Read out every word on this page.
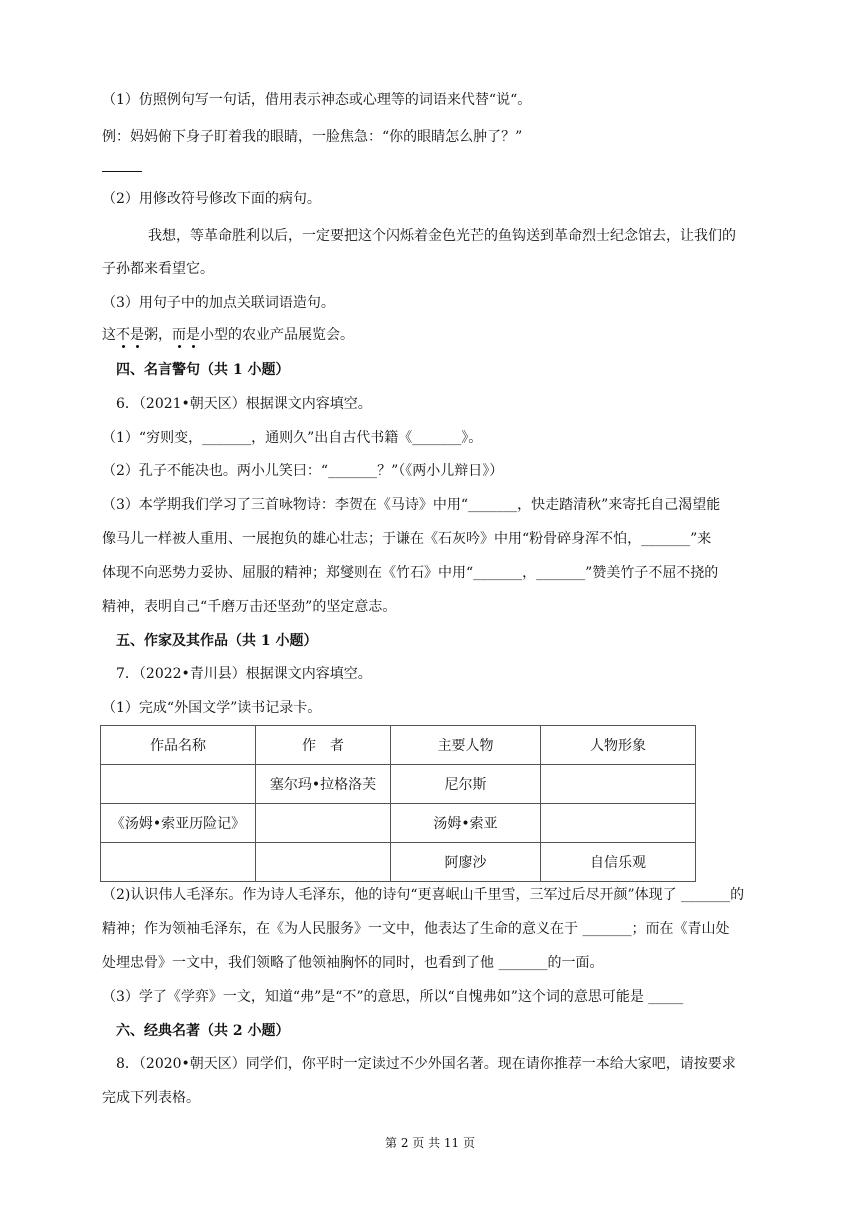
（1）仿照例句写一句话，借用表示神态或心理等的词语来代替“说“。
例：妈妈俯下身子盯着我的眼睛，一脸焦急：“你的眼睛怎么肿了？”
（2）用修改符号修改下面的病句。
我想，等革命胜利以后，一定要把这个闪烁着金色光芒的鱼钩送到革命烈士纪念馆去，让我们的
子孙都来看望它。
（3）用句子中的加点关联词语造句。
这不是粥，而是小型的农业产品展览会。
四、名言警句（共 1 小题）
6．（2021•朝天区）根据课文内容填空。
（1）“穷则变，_______，通则久”出自古代书籍《_______》。
（2）孔子不能决也。两小儿笑曰：“_______？”（《两小儿辩日》）
（3）本学期我们学习了三首咏物诗：李贺在《马诗》中用“_______，快走踏清秋”来寄托自己渴望能
像马儿一样被人重用、一展抱负的雄心壮志；于谦在《石灰吟》中用“粉骨碎身浑不怕，_______”来
体现不向恶势力妥协、屈服的精神；郑燮则在《竹石》中用“_______，_______”赞美竹子不屈不挠的
精神，表明自己“千磨万击还坚劲”的坚定意志。
五、作家及其作品（共 1 小题）
7．（2022•青川县）根据课文内容填空。
（1）完成“外国文学”读书记录卡。
作品名称	作　者	主要人物	人物形象
	塞尔玛•拉格洛芙	尼尔斯	
《汤姆•索亚历险记》		汤姆•索亚	
		阿廖沙	自信乐观
（2)认识伟人毛泽东。作为诗人毛泽东，他的诗句“更喜岷山千里雪，三军过后尽开颜”体现了 _______的
精神；作为领袖毛泽东，在《为人民服务》一文中，他表达了生命的意义在于 _______；而在《青山处
处埋忠骨》一文中，我们领略了他领袖胸怀的同时，也看到了他 _______的一面。
（3）学了《学弈》一文，知道“弗”是“不”的意思，所以“自愧弗如”这个词的意思可能是 _____
六、经典名著（共 2 小题）
8．（2020•朝天区）同学们，你平时一定读过不少外国名著。现在请你推荐一本给大家吧，请按要求
完成下列表格。
第 2 页 共 11 页
